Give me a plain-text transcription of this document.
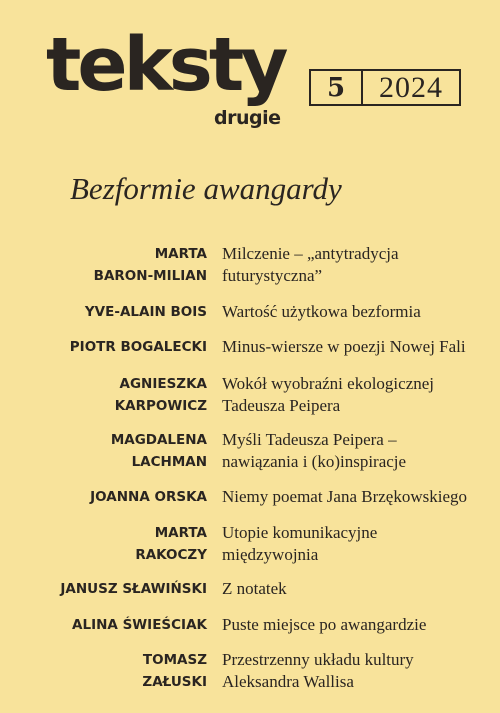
teksty
drugie
5	2024
Bezformie awangardy
MARTA
BARON-MILIAN
Milczenie – „antytradycja
futurystyczna”
YVE-ALAIN BOIS Wartość użytkowa bezformia
PIOTR BOGALECKI Minus-wiersze w poezji Nowej Fali
AGNIESZKA
KARPOWICZ
Wokół wyobraźni ekologicznej
Tadeusza Peipera
MAGDALENA
LACHMAN
Myśli Tadeusza Peipera –
nawiązania i (ko)inspiracje
JOANNA ORSKA Niemy poemat Jana Brzękowskiego
MARTA
RAKOCZY
Utopie komunikacyjne
międzywojnia
JANUSZ SŁAWIŃSKI Z notatek
ALINA ŚWIEŚCIAK Puste miejsce po awangardzie
TOMASZ
ZAŁUSKI
Przestrzenny układu kultury
Aleksandra Wallisa
